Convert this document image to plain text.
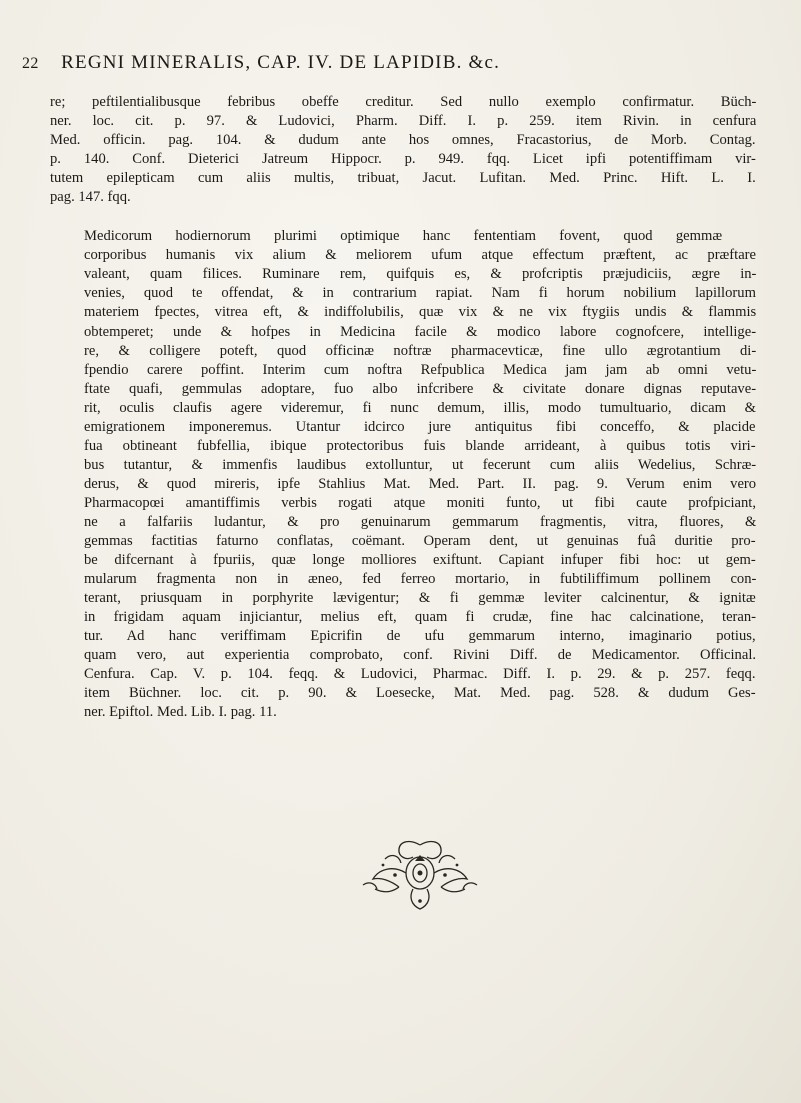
22 REGNI MINERALIS, CAP. IV. DE LAPIDIB. &c.

re; peftilentialibusque febribus obeffe creditur. Sed nullo exemplo confirmatur. Büch-
ner. loc. cit. p. 97. & Ludovici, Pharm. Diff. I. p. 259. item Rivin. in cenfura
Med. officin. pag. 104. & dudum ante hos omnes, Fracastorius, de Morb. Contag.
p. 140. Conf. Dieterici Jatreum Hippocr. p. 949. fqq. Licet ipfi potentiffimam vir-
tutem epilepticam cum aliis multis, tribuat, Jacut. Lufitan. Med. Princ. Hift. L. I.
pag. 147. fqq.

Medicorum hodiernorum plurimi optimique hanc fententiam fovent, quod gemmæ
corporibus humanis vix alium & meliorem ufum atque effectum præftent, ac præftare
valeant, quam filices. Ruminare rem, quifquis es, & profcriptis præjudiciis, ægre in-
venies, quod te offendat, & in contrarium rapiat. Nam fi horum nobilium lapillorum
materiem fpectes, vitrea eft, & indiffolubilis, quæ vix & ne vix ftygiis undis & flammis
obtemperet; unde & hofpes in Medicina facile & modico labore cognofcere, intellige-
re, & colligere poteft, quod officinæ noftræ pharmacevticæ, fine ullo ægrotantium di-
fpendio carere poffint. Interim cum noftra Refpublica Medica jam jam ab omni vetu-
ftate quafi, gemmulas adoptare, fuo albo infcribere & civitate donare dignas reputave-
rit, oculis claufis agere videremur, fi nunc demum, illis, modo tumultuario, dicam &
emigrationem imponeremus. Utantur idcirco jure antiquitus fibi conceffo, & placide
fua obtineant fubfellia, ibique protectoribus fuis blande arrideant, à quibus totis viri-
bus tutantur, & immenfis laudibus extolluntur, ut fecerunt cum aliis Wedelius, Schræ-
derus, & quod mireris, ipfe Stahlius Mat. Med. Part. II. pag. 9. Verum enim vero
Pharmacopœi amantiffimis verbis rogati atque moniti funto, ut fibi caute profpiciant,
ne a falfariis ludantur, & pro genuinarum gemmarum fragmentis, vitra, fluores, &
gemmas factitias faturno conflatas, coëmant. Operam dent, ut genuinas fuâ duritie pro-
be difcernant à fpuriis, quæ longe molliores exiftunt. Capiant infuper fibi hoc: ut gem-
mularum fragmenta non in æneo, fed ferreo mortario, in fubtiliffimum pollinem con-
terant, priusquam in porphyrite lævigentur; & fi gemmæ leviter calcinentur, & ignitæ
in frigidam aquam injiciantur, melius eft, quam fi crudæ, fine hac calcinatione, teran-
tur. Ad hanc veriffimam Epicrifin de ufu gemmarum interno, imaginario potius,
quam vero, aut experientia comprobato, conf. Rivini Diff. de Medicamentor. Officinal.
Cenfura. Cap. V. p. 104. feqq. & Ludovici, Pharmac. Diff. I. p. 29. & p. 257. feqq.
item Büchner. loc. cit. p. 90. & Loesecke, Mat. Med. pag. 528. & dudum Ges-
ner. Epiftol. Med. Lib. I. pag. 11.
